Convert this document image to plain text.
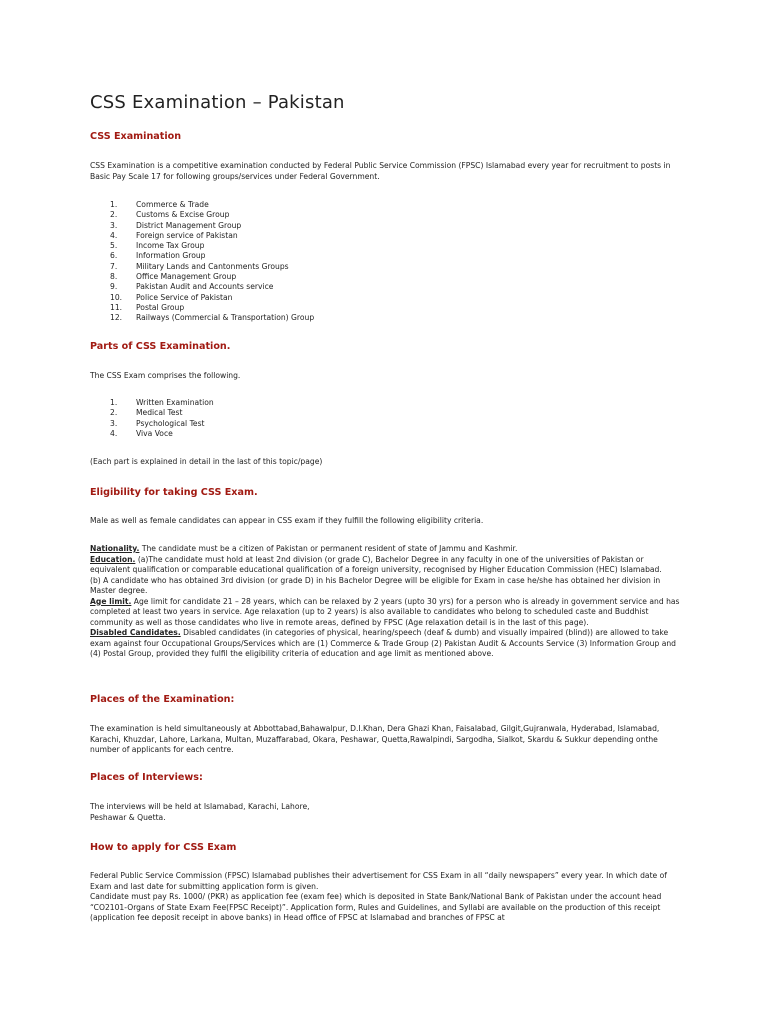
CSS Examination – Pakistan
CSS Examination
CSS Examination is a competitive examination conducted by Federal Public Service Commission (FPSC) Islamabad every year for recruitment to posts in Basic Pay Scale 17 for following groups/services under Federal Government.
1.	Commerce & Trade
2.	Customs & Excise Group
3.	District Management Group
4.	Foreign service of Pakistan
5.	Income Tax Group
6.	Information Group
7.	Military Lands and Cantonments Groups
8.	Office Management Group
9.	Pakistan Audit and Accounts service
10. Police Service of Pakistan
11. Postal Group
12. Railways (Commercial & Transportation) Group
Parts of CSS Examination.
The CSS Exam comprises the following.
1.	Written Examination
2.	Medical Test
3.	Psychological Test
4.	Viva Voce
(Each part is explained in detail in the last of this topic/page)
Eligibility for taking CSS Exam.
Male as well as female candidates can appear in CSS exam if they fulfill the following eligibility criteria.
Nationality. The candidate must be a citizen of Pakistan or permanent resident of state of Jammu and Kashmir.
Education. (a)The candidate must hold at least 2nd division (or grade C), Bachelor Degree in any faculty in one of the universities of Pakistan or equivalent qualification or comparable educational qualification of a foreign university, recognised by Higher Education Commission (HEC) Islamabad.
(b) A candidate who has obtained 3rd division (or grade D) in his Bachelor Degree will be eligible for Exam in case he/she has obtained her division in Master degree.
Age limit. Age limit for candidate 21 – 28 years, which can be relaxed by 2 years (upto 30 yrs) for a person who is already in government service and has completed at least two years in service. Age relaxation (up to 2 years) is also available to candidates who belong to scheduled caste and Buddhist community as well as those candidates who live in remote areas, defined by FPSC (Age relaxation detail is in the last of this page).
Disabled Candidates. Disabled candidates (in categories of physical, hearing/speech (deaf & dumb) and visually impaired (blind)) are allowed to take exam against four Occupational Groups/Services which are (1) Commerce & Trade Group (2) Pakistan Audit & Accounts Service (3) Information Group and (4) Postal Group, provided they fulfil the eligibility criteria of education and age limit as mentioned above.
Places of the Examination:
The examination is held simultaneously at Abbottabad,Bahawalpur, D.I.Khan, Dera Ghazi Khan, Faisalabad, Gilgit,Gujranwala, Hyderabad, Islamabad, Karachi, Khuzdar, Lahore, Larkana, Multan, Muzaffarabad, Okara, Peshawar, Quetta,Rawalpindi, Sargodha, Sialkot, Skardu & Sukkur depending onthe number of applicants for each centre.
Places of Interviews:
The interviews will be held at Islamabad, Karachi, Lahore,
Peshawar & Quetta.
How to apply for CSS Exam
Federal Public Service Commission (FPSC) Islamabad publishes their advertisement for CSS Exam in all “daily newspapers” every year. In which date of Exam and last date for submitting application form is given.
Candidate must pay Rs. 1000/ (PKR) as application fee (exam fee) which is deposited in State Bank/National Bank of Pakistan under the account head “CO2101-Organs of State Exam Fee(FPSC Receipt)”. Application form, Rules and Guidelines, and Syllabi are available on the production of this receipt (application fee deposit receipt in above banks) in Head office of FPSC at Islamabad and branches of FPSC at
